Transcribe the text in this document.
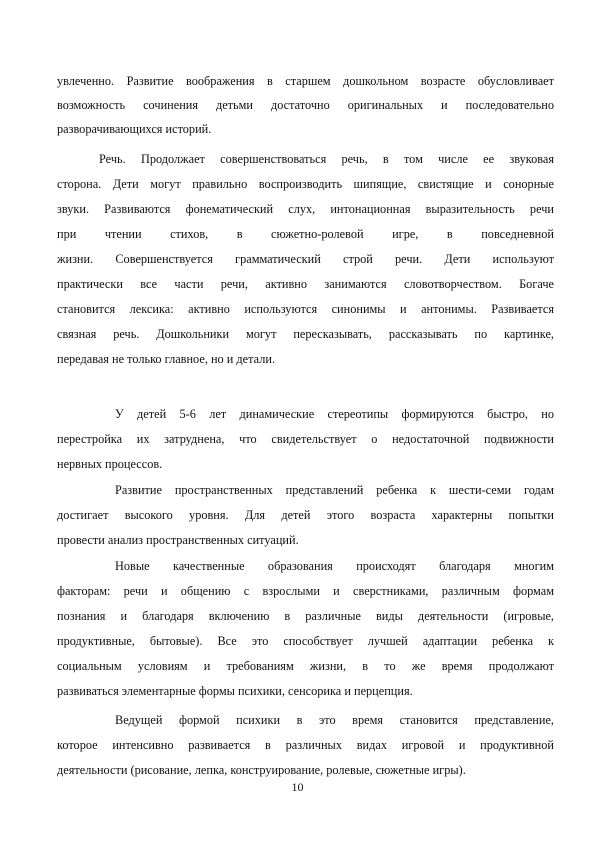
увлеченно. Развитие воображения в старшем дошкольном возрасте обусловливает
возможность сочинения детьми достаточно оригинальных и последовательно
разворачивающихся историй.
Речь. Продолжает совершенствоваться речь, в том числе ее звуковая
сторона. Дети могут правильно воспроизводить шипящие, свистящие и сонорные
звуки. Развиваются фонематический слух, интонационная выразительность речи
при чтении стихов, в сюжетно-ролевой игре, в повседневной
жизни. Совершенствуется грамматический строй речи. Дети используют
практически все части речи, активно занимаются словотворчеством. Богаче
становится лексика: активно используются синонимы и антонимы. Развивается
связная речь. Дошкольники могут пересказывать, рассказывать по картинке,
передавая не только главное, но и детали.
У детей 5-6 лет динамические стереотипы формируются быстро, но
перестройка их затруднена, что свидетельствует о недостаточной подвижности
нервных процессов.
Развитие пространственных представлений ребенка к шести-семи годам
достигает высокого уровня. Для детей этого возраста характерны попытки
провести анализ пространственных ситуаций.
Новые качественные образования происходят благодаря многим
факторам: речи и общению с взрослыми и сверстниками, различным формам
познания и благодаря включению в различные виды деятельности (игровые,
продуктивные, бытовые). Все это способствует лучшей адаптации ребенка к
социальным условиям и требованиям жизни, в то же время продолжают
развиваться элементарные формы психики, сенсорика и перцепция.
Ведущей формой психики в это время становится представление,
которое интенсивно развивается в различных видах игровой и продуктивной
деятельности (рисование, лепка, конструирование, ролевые, сюжетные игры).
10
